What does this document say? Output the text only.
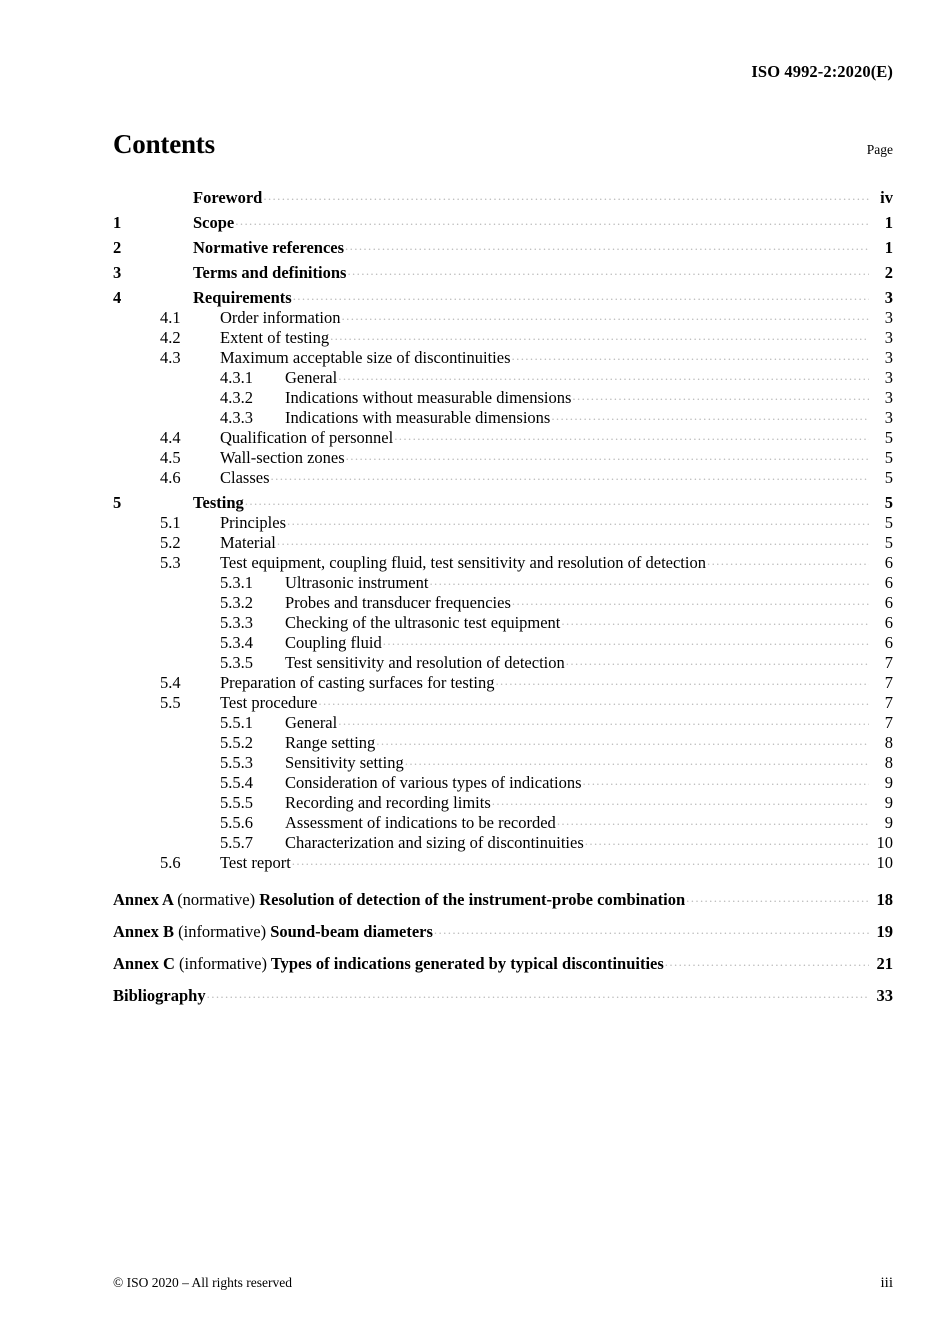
ISO 4992-2:2020(E)
Contents	Page
Foreword .....	iv
1	Scope .....	1
2	Normative references .....	1
3	Terms and definitions .....	2
4	Requirements .....	3
4.1	Order information .....	3
4.2	Extent of testing .....	3
4.3	Maximum acceptable size of discontinuities .....	3
4.3.1	General .....	3
4.3.2	Indications without measurable dimensions .....	3
4.3.3	Indications with measurable dimensions .....	3
4.4	Qualification of personnel .....	5
4.5	Wall-section zones .....	5
4.6	Classes .....	5
5	Testing .....	5
5.1	Principles .....	5
5.2	Material .....	5
5.3	Test equipment, coupling fluid, test sensitivity and resolution of detection .....	6
5.3.1	Ultrasonic instrument .....	6
5.3.2	Probes and transducer frequencies .....	6
5.3.3	Checking of the ultrasonic test equipment .....	6
5.3.4	Coupling fluid .....	6
5.3.5	Test sensitivity and resolution of detection .....	7
5.4	Preparation of casting surfaces for testing .....	7
5.5	Test procedure .....	7
5.5.1	General .....	7
5.5.2	Range setting .....	8
5.5.3	Sensitivity setting .....	8
5.5.4	Consideration of various types of indications .....	9
5.5.5	Recording and recording limits .....	9
5.5.6	Assessment of indications to be recorded .....	9
5.5.7	Characterization and sizing of discontinuities .....	10
5.6	Test report .....	10
Annex A (normative) Resolution of detection of the instrument-probe combination .....	18
Annex B (informative) Sound-beam diameters .....	19
Annex C (informative) Types of indications generated by typical discontinuities .....	21
Bibliography .....	33
© ISO 2020 – All rights reserved	iii
